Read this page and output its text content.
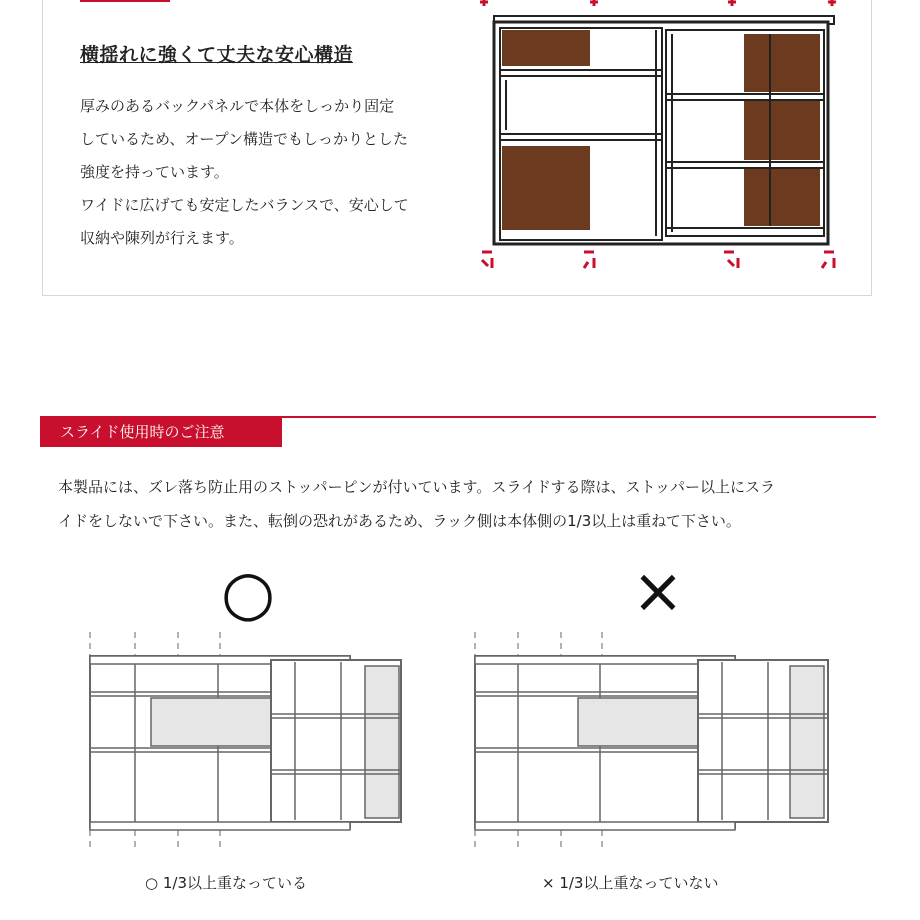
横揺れに強くて丈夫な安心構造
厚みのあるバックパネルで本体をしっかり固定
しているため、オープン構造でもしっかりとした
強度を持っています。
ワイドに広げても安定したバランスで、安心して
収納や陳列が行えます。
スライド使用時のご注意
本製品には、ズレ落ち防止用のストッパーピンが付いています。スライドする際は、ストッパー以上にスラ
イドをしないで下さい。また、転倒の恐れがあるため、ラック側は本体側の1/3以上は重ねて下さい。
○	×
○ 1/3以上重なっている	× 1/3以上重なっていない
